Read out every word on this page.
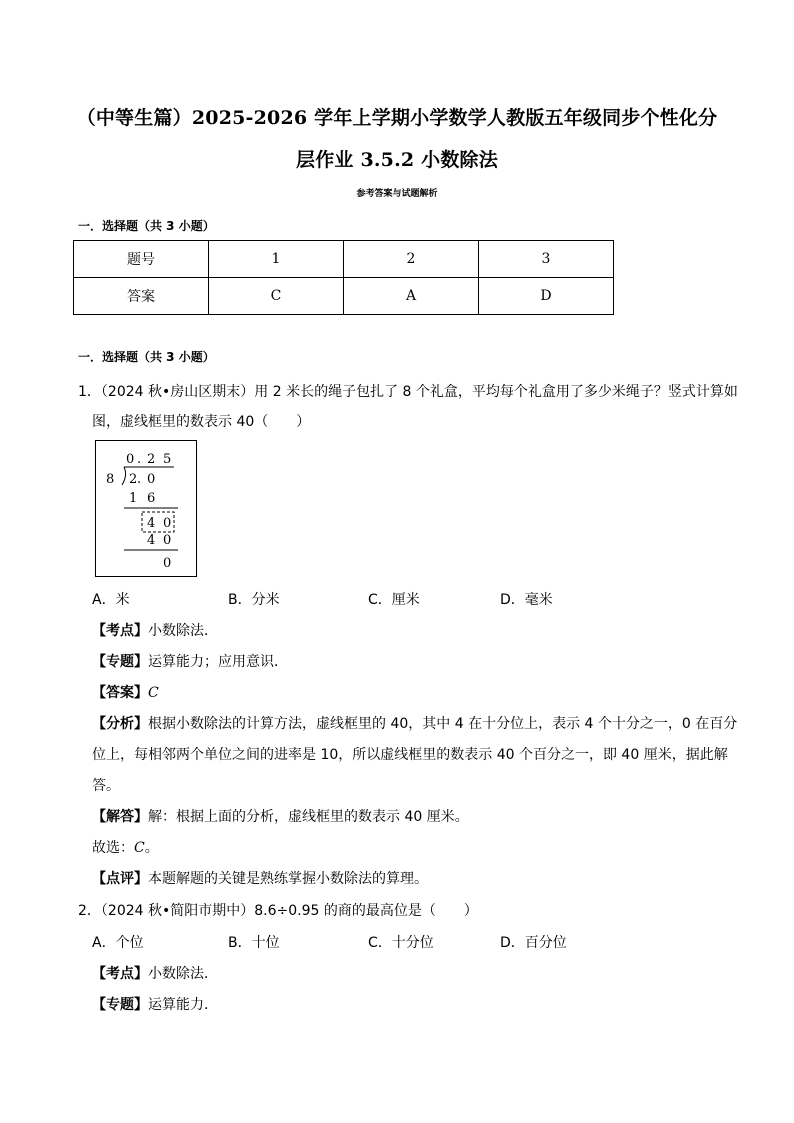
（中等生篇）2025-2026 学年上学期小学数学人教版五年级同步个性化分
层作业 3.5.2 小数除法
参考答案与试题解析
一．选择题（共 3 小题）
题号	1	2	3
答案	C	A	D
一．选择题（共 3 小题）
1．（2024 秋•房山区期末）用 2 米长的绳子包扎了 8 个礼盒，平均每个礼盒用了多少米绳子？竖式计算如
图，虚线框里的数表示 40（　　）
0 . 2 5
8 2 . 0
1 6
4 0
4 0
0
A．米	B．分米	C．厘米	D．毫米
【考点】小数除法．
【专题】运算能力；应用意识．
【答案】C
【分析】根据小数除法的计算方法，虚线框里的 40，其中 4 在十分位上，表示 4 个十分之一，0 在百分
位上，每相邻两个单位之间的进率是 10，所以虚线框里的数表示 40 个百分之一，即 40 厘米，据此解
答。
【解答】解：根据上面的分析，虚线框里的数表示 40 厘米。
故选：C。
【点评】本题解题的关键是熟练掌握小数除法的算理。
2．（2024 秋•简阳市期中）8.6÷0.95 的商的最高位是（　　）
A．个位	B．十位	C．十分位	D．百分位
【考点】小数除法．
【专题】运算能力．
